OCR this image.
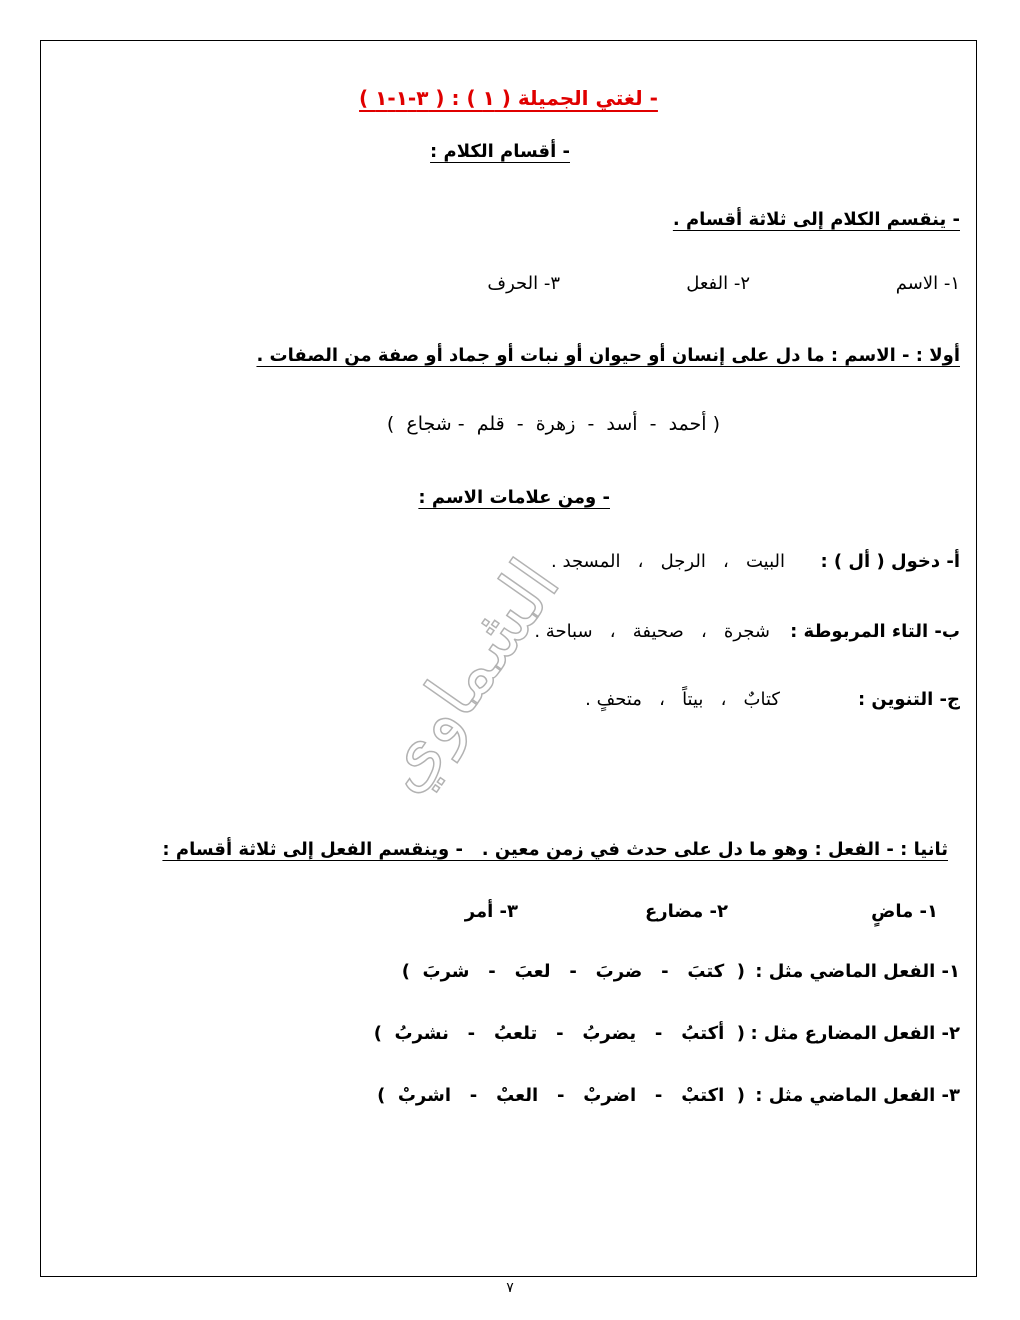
- لغتي الجميلة ( ١ ) : ( ٣-١-١ )
- أقسام الكلام :
- ينقسم الكلام إلى ثلاثة أقسام .
١- الاسم
٢- الفعل
٣- الحرف
أولا : - الاسم : ما دل على إنسان أو حيوان أو نبات أو جماد أو صفة من الصفات .
( أحمد  -  أسد  -  زهرة  -  قلم  - شجاع  )
- ومن علامات الاسم :
أ- دخول ( أل ) :
البيت   ،   الرجل   ،   المسجد .
ب- التاء المربوطة :
شجرة   ،   صحيفة   ،   سباحة .
ج- التنوين :
كتابٌ   ،   بيتاً   ،   متحفٍ .
الشماوي
ثانيا : - الفعل : وهو ما دل على حدث في زمن معين .   - وينقسم الفعل إلى ثلاثة أقسام :
١- ماضٍ
٢- مضارع
٣- أمر
١- الفعل الماضي مثل :
(  كتبَ   -   ضربَ   -   لعبَ   -   شربَ  )
٢- الفعل المضارع مثل :
(  أكتبُ   -   يضربُ   -   تلعبُ   -   نشربُ  )
٣- الفعل الماضي مثل :
(  اكتبْ   -   اضربْ   -   العبْ   -   اشربْ  )
٧
